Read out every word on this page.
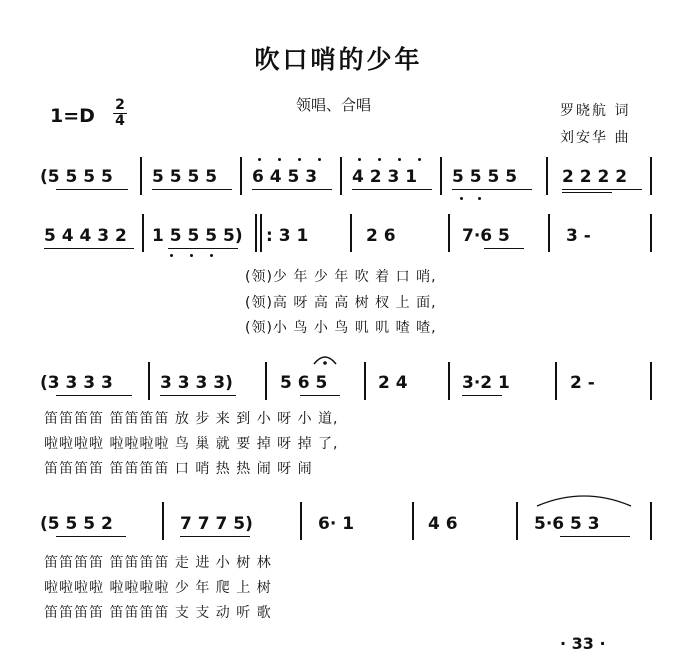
吹口哨的少年
1=D 2
4
领唱、合唱	罗晓航 词
刘安华 曲
(5 5 5 5 5 5 5 5 6 4 5 3 4 2 3 1 5 5 5 5	2 2 2 2
5 4 4 3 2 1 5 5 5 5) : 3 1	2 6	7·6 5	3 -
(领)少 年 少 年 吹 着 口 哨,
(领)高 呀 高 高 树 杈 上 面,
(领)小 鸟 小 鸟 叽 叽 喳 喳,
(3 3 3 3	3 3 3 3)	5 6 5	2 4	3·2 1	2 -
笛笛笛笛 笛笛笛笛 放 步 来 到 小 呀 小 道,
啦啦啦啦 啦啦啦啦 鸟 巢 就 要 掉 呀 掉 了,
笛笛笛笛 笛笛笛笛 口 哨 热 热 闹 呀 闹
(5 5 5 2	7 7 7 5)	6· 1	4 6	5·6 5 3
笛笛笛笛 笛笛笛笛 走 进 小 树 林
啦啦啦啦 啦啦啦啦 少 年 爬 上 树
笛笛笛笛 笛笛笛笛 支 支 动 听 歌
· 33 ·
